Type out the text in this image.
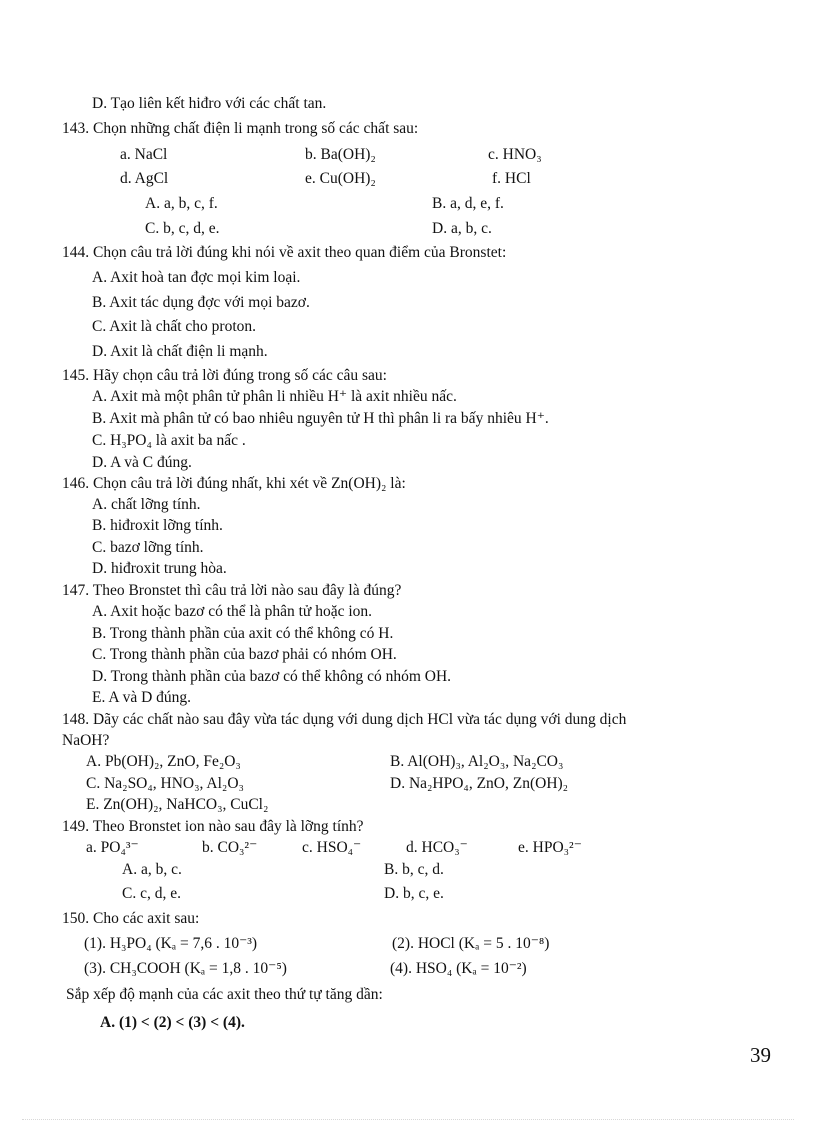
D. Tạo liên kết hiđro với các chất tan.
143. Chọn những chất điện li mạnh trong số các chất sau:
a. NaCl	b. Ba(OH)₂	c. HNO₃
d. AgCl	e. Cu(OH)₂	f. HCl
A. a, b, c, f.	B. a, d, e, f.
C. b, c, d, e.	D. a, b, c.
144. Chọn câu trả lời đúng khi nói về axit theo quan điểm của Bronstet:
A. Axit hoà tan đợc mọi kim loại.
B. Axit tác dụng đợc với mọi bazơ.
C. Axit là chất cho proton.
D. Axit là chất điện li mạnh.
145. Hãy chọn câu trả lời đúng trong số các câu sau:
A. Axit mà một phân tử phân li nhiều H⁺ là axit nhiều nấc.
B. Axit mà phân tử có bao nhiêu nguyên tử H thì phân li ra bấy nhiêu H⁺.
C. H₃PO₄ là axit ba nấc .
D. A và C đúng.
146. Chọn câu trả lời đúng nhất, khi xét về Zn(OH)₂ là:
A. chất lỡng tính.
B. hiđroxit lỡng tính.
C. bazơ lỡng tính.
D. hiđroxit trung hòa.
147. Theo Bronstet thì câu trả lời nào sau đây là đúng?
A. Axit hoặc bazơ có thể là phân tử hoặc ion.
B. Trong thành phần của axit có thể không có H.
C. Trong thành phần của bazơ phải có nhóm OH.
D. Trong thành phần của bazơ có thể không có nhóm OH.
E. A và D đúng.
148. Dãy các chất nào sau đây vừa tác dụng với dung dịch HCl vừa tác dụng với dung dịch
NaOH?
A. Pb(OH)₂, ZnO, Fe₂O₃	B. Al(OH)₃, Al₂O₃, Na₂CO₃
C. Na₂SO₄, HNO₃, Al₂O₃	D. Na₂HPO₄, ZnO, Zn(OH)₂
E. Zn(OH)₂, NaHCO₃, CuCl₂
149. Theo Bronstet ion nào sau đây là lỡng tính?
a. PO₄³⁻	b. CO₃²⁻	c. HSO₄⁻	d. HCO₃⁻	e. HPO₃²⁻
A. a, b, c.	B. b, c, d.
C. c, d, e.	D. b, c, e.
150. Cho các axit sau:
(1). H₃PO₄ (Kₐ = 7,6 . 10⁻³)	(2). HOCl (Kₐ = 5 . 10⁻⁸)
(3). CH₃COOH (Kₐ = 1,8 . 10⁻⁵)	(4). HSO₄ (Kₐ = 10⁻²)
Sắp xếp độ mạnh của các axit theo thứ tự tăng dần:
A. (1) < (2) < (3) < (4).
39
